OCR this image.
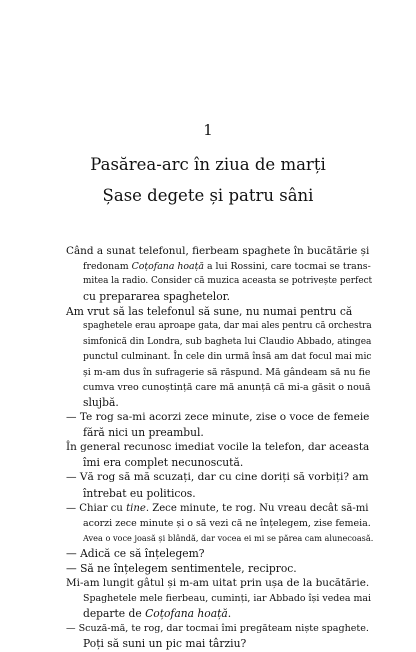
1
Pasărea-arc în ziua de marți
Șase degete și patru sâni
Când a sunat telefonul, fierbeam spaghete în bucătărie și
fredonam Coțofana hoață a lui Rossini, care tocmai se trans-
mitea la radio. Consider că muzica aceasta se potrivește perfect
cu prepararea spaghetelor.
Am vrut să las telefonul să sune, nu numai pentru că
spaghetele erau aproape gata, dar mai ales pentru că orchestra
simfonică din Londra, sub bagheta lui Claudio Abbado, atingea
punctul culminant. În cele din urmă însă am dat focul mai mic
și m-am dus în sufragerie să răspund. Mă gândeam să nu fie
cumva vreo cunoștință care mă anunță că mi-a găsit o nouă
slujbă.
— Te rog sa-mi acorzi zece minute, zise o voce de femeie
fără nici un preambul.
În general recunosc imediat vocile la telefon, dar aceasta
îmi era complet necunoscută.
— Vă rog să mă scuzați, dar cu cine doriți să vorbiți? am
întrebat eu politicos.
— Chiar cu tine. Zece minute, te rog. Nu vreau decât să-mi
acorzi zece minute și o să vezi că ne înțelegem, zise femeia.
Avea o voce joasă și blândă, dar vocea ei mi se părea cam alunecoasă.
— Adică ce să înțelegem?
— Să ne înțelegem sentimentele, reciproc.
Mi-am lungit gâtul și m-am uitat prin ușa de la bucătărie.
Spaghetele mele fierbeau, cuminți, iar Abbado își vedea mai
departe de Coțofana hoață.
— Scuză-mă, te rog, dar tocmai îmi pregăteam niște spaghete.
Poți să suni un pic mai târziu?
